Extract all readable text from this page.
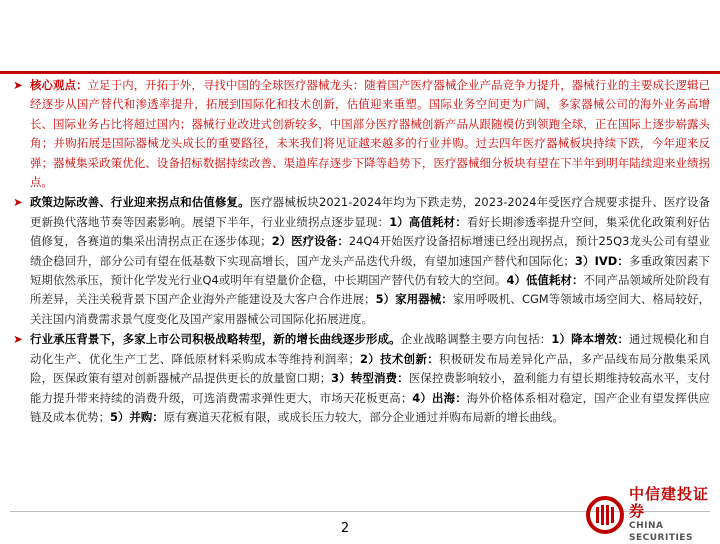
➤ 核心观点：立足于内，开拓于外，寻找中国的全球医疗器械龙头：随着国产医疗器械企业产品竞争力提升，器械行业的主要成长逻辑已经逐步从国产替代和渗透率提升，拓展到国际化和技术创新，估值迎来重塑。国际业务空间更为广阔，多家器械公司的海外业务高增长、国际业务占比将超过国内；器械行业改进式创新较多，中国部分医疗器械创新产品从跟随模仿到领跑全球，正在国际上逐步崭露头角；并购拓展是国际器械龙头成长的重要路径，未来我们将见证越来越多的行业并购。过去四年医疗器械板块持续下跌，今年迎来反弹；器械集采政策优化、设备招标数据持续改善、渠道库存逐步下降等趋势下，医疗器械细分板块有望在下半年到明年陆续迎来业绩拐点。
➤ 政策边际改善、行业迎来拐点和估值修复。医疗器械板块2021-2024年均为下跌走势，2023-2024年受医疗合规要求提升、医疗设备更新换代落地节奏等因素影响。展望下半年，行业业绩拐点逐步显现：1）高值耗材：看好长期渗透率提升空间，集采优化政策利好估值修复，各赛道的集采出清拐点正在逐步体现；2）医疗设备：24Q4开始医疗设备招标增速已经出现拐点，预计25Q3龙头公司有望业绩企稳回升，部分公司有望在低基数下实现高增长，国产龙头产品迭代升级，有望加速国产替代和国际化；3）IVD：多重政策因素下短期依然承压，预计化学发光行业Q4或明年有望量价企稳，中长期国产替代仍有较大的空间。4）低值耗材：不同产品领域所处阶段有所差异，关注关税背景下国产企业海外产能建设及大客户合作进展；5）家用器械：家用呼吸机、CGM等领域市场空间大、格局较好，关注国内消费需求景气度变化及国产家用器械公司国际化拓展进度。
➤ 行业承压背景下，多家上市公司积极战略转型，新的增长曲线逐步形成。企业战略调整主要方向包括：1）降本增效：通过规模化和自动化生产、优化生产工艺、降低原材料采购成本等维持利润率；2）技术创新：积极研发布局差异化产品，多产品线布局分散集采风险，医保政策有望对创新器械产品提供更长的放量窗口期；3）转型消费：医保控费影响较小，盈利能力有望长期维持较高水平，支付能力提升带来持续的消费升级，可选消费需求弹性更大，市场天花板更高；4）出海：海外价格体系相对稳定，国产企业有望发挥供应链及成本优势；5）并购：原有赛道天花板有限，或成长压力较大，部分企业通过并购布局新的增长曲线。
2
中信建投证券
CHINA SECURITIES
